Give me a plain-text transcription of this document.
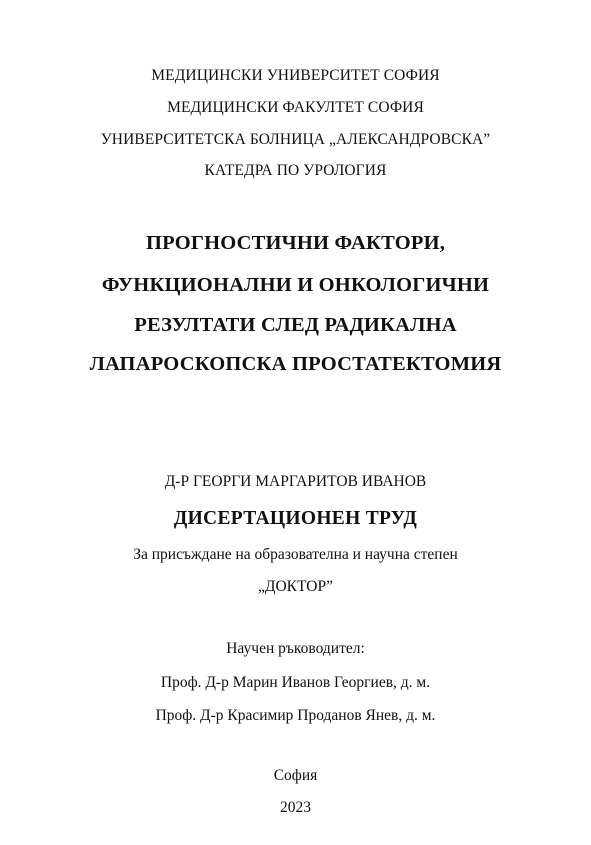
МЕДИЦИНСКИ УНИВЕРСИТЕТ СОФИЯ
МЕДИЦИНСКИ ФАКУЛТЕТ СОФИЯ
УНИВЕРСИТЕТСКА БОЛНИЦА „АЛЕКСАНДРОВСКА”
КАТЕДРА ПО УРОЛОГИЯ
ПРОГНОСТИЧНИ ФАКТОРИ,
ФУНКЦИОНАЛНИ И ОНКОЛОГИЧНИ
РЕЗУЛТАТИ СЛЕД РАДИКАЛНА
ЛАПАРОСКОПСКА ПРОСТАТЕКТОМИЯ
Д-Р ГЕОРГИ МАРГАРИТОВ ИВАНОВ
ДИСЕРТАЦИОНЕН ТРУД
За присъждане на образователна и научна степен
„ДОКТОР”
Научен ръководител:
Проф. Д-р Марин Иванов Георгиев, д. м.
Проф. Д-р Красимир Проданов Янев, д. м.
София
2023
